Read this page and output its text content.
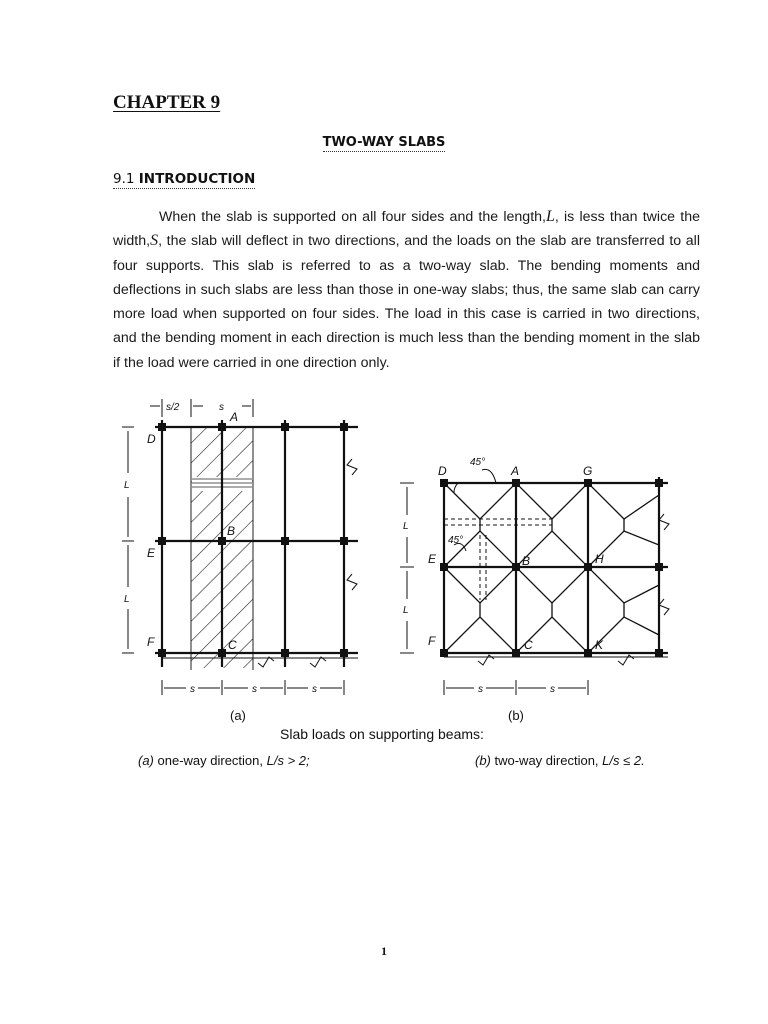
CHAPTER 9
TWO-WAY SLABS
9.1 INTRODUCTION
When the slab is supported on all four sides and the length,L, is less than twice the width,S, the slab will deflect in two directions, and the loads on the slab are transferred to all four supports. This slab is referred to as a two-way slab. The bending moments and deflections in such slabs are less than those in one-way slabs; thus, the same slab can carry more load when supported on four sides. The load in this case is carried in two directions, and the bending moment in each direction is much less than the bending moment in the slab if the load were carried in one direction only.
D
A
E
B
F	C
s/2	s
L
L
s	s	s
(a)
45°
45°
D	A	G
E	B	H
F	C	K
L
L
s	s
(b)
Slab loads on supporting beams:
(a) one-way direction, L/s > 2;	(b) two-way direction, L/s ≤ 2.
1
